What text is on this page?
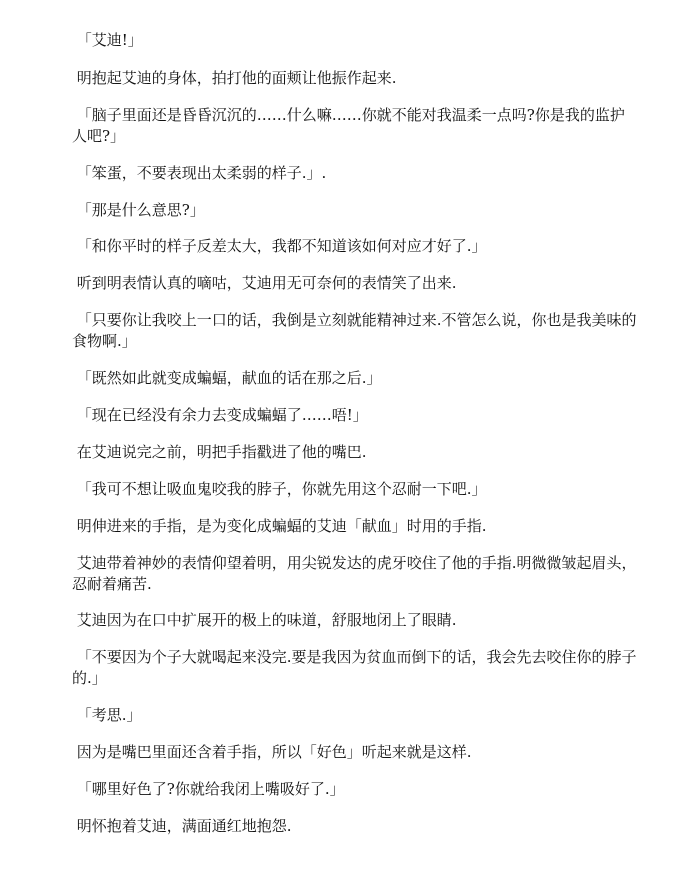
「艾迪!」

明抱起艾迪的身体，拍打他的面颊让他振作起来.

「脑子里面还是昏昏沉沉的……什么嘛……你就不能对我温柔一点吗?你是我的监护人吧?」

「笨蛋，不要表现出太柔弱的样子.」.

「那是什么意思?」

「和你平时的样子反差太大，我都不知道该如何对应才好了.」

听到明表情认真的嘀咕，艾迪用无可奈何的表情笑了出来.

「只要你让我咬上一口的话，我倒是立刻就能精神过来.不管怎么说，你也是我美味的食物啊.」

「既然如此就变成蝙蝠，献血的话在那之后.」

「现在已经没有余力去变成蝙蝠了……唔!」

在艾迪说完之前，明把手指戳进了他的嘴巴.

「我可不想让吸血鬼咬我的脖子，你就先用这个忍耐一下吧.」

明伸进来的手指，是为变化成蝙蝠的艾迪「献血」时用的手指.

艾迪带着神妙的表情仰望着明，用尖锐发达的虎牙咬住了他的手指.明微微皱起眉头，忍耐着痛苦.

艾迪因为在口中扩展开的极上的味道，舒服地闭上了眼睛.

「不要因为个子大就喝起来没完.要是我因为贫血而倒下的话，我会先去咬住你的脖子的.」

「考思.」

因为是嘴巴里面还含着手指，所以「好色」听起来就是这样.

「哪里好色了?你就给我闭上嘴吸好了.」

明怀抱着艾迪，满面通红地抱怨.
